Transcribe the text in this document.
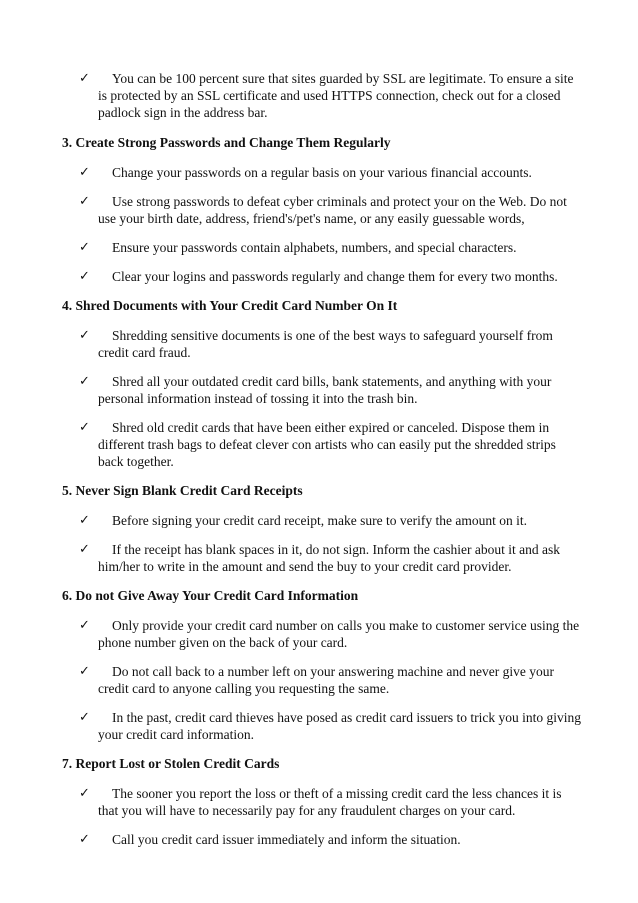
✓ You can be 100 percent sure that sites guarded by SSL are legitimate. To ensure a site is protected by an SSL certificate and used HTTPS connection, check out for a closed padlock sign in the address bar.
3. Create Strong Passwords and Change Them Regularly
✓ Change your passwords on a regular basis on your various financial accounts.
✓ Use strong passwords to defeat cyber criminals and protect your on the Web. Do not use your birth date, address, friend's/pet's name, or any easily guessable words,
✓ Ensure your passwords contain alphabets, numbers, and special characters.
✓ Clear your logins and passwords regularly and change them for every two months.
4. Shred Documents with Your Credit Card Number On It
✓ Shredding sensitive documents is one of the best ways to safeguard yourself from credit card fraud.
✓ Shred all your outdated credit card bills, bank statements, and anything with your personal information instead of tossing it into the trash bin.
✓ Shred old credit cards that have been either expired or canceled. Dispose them in different trash bags to defeat clever con artists who can easily put the shredded strips back together.
5. Never Sign Blank Credit Card Receipts
✓ Before signing your credit card receipt, make sure to verify the amount on it.
✓ If the receipt has blank spaces in it, do not sign. Inform the cashier about it and ask him/her to write in the amount and send the buy to your credit card provider.
6. Do not Give Away Your Credit Card Information
✓ Only provide your credit card number on calls you make to customer service using the phone number given on the back of your card.
✓ Do not call back to a number left on your answering machine and never give your credit card to anyone calling you requesting the same.
✓ In the past, credit card thieves have posed as credit card issuers to trick you into giving your credit card information.
7. Report Lost or Stolen Credit Cards
✓ The sooner you report the loss or theft of a missing credit card the less chances it is that you will have to necessarily pay for any fraudulent charges on your card.
✓ Call you credit card issuer immediately and inform the situation.
